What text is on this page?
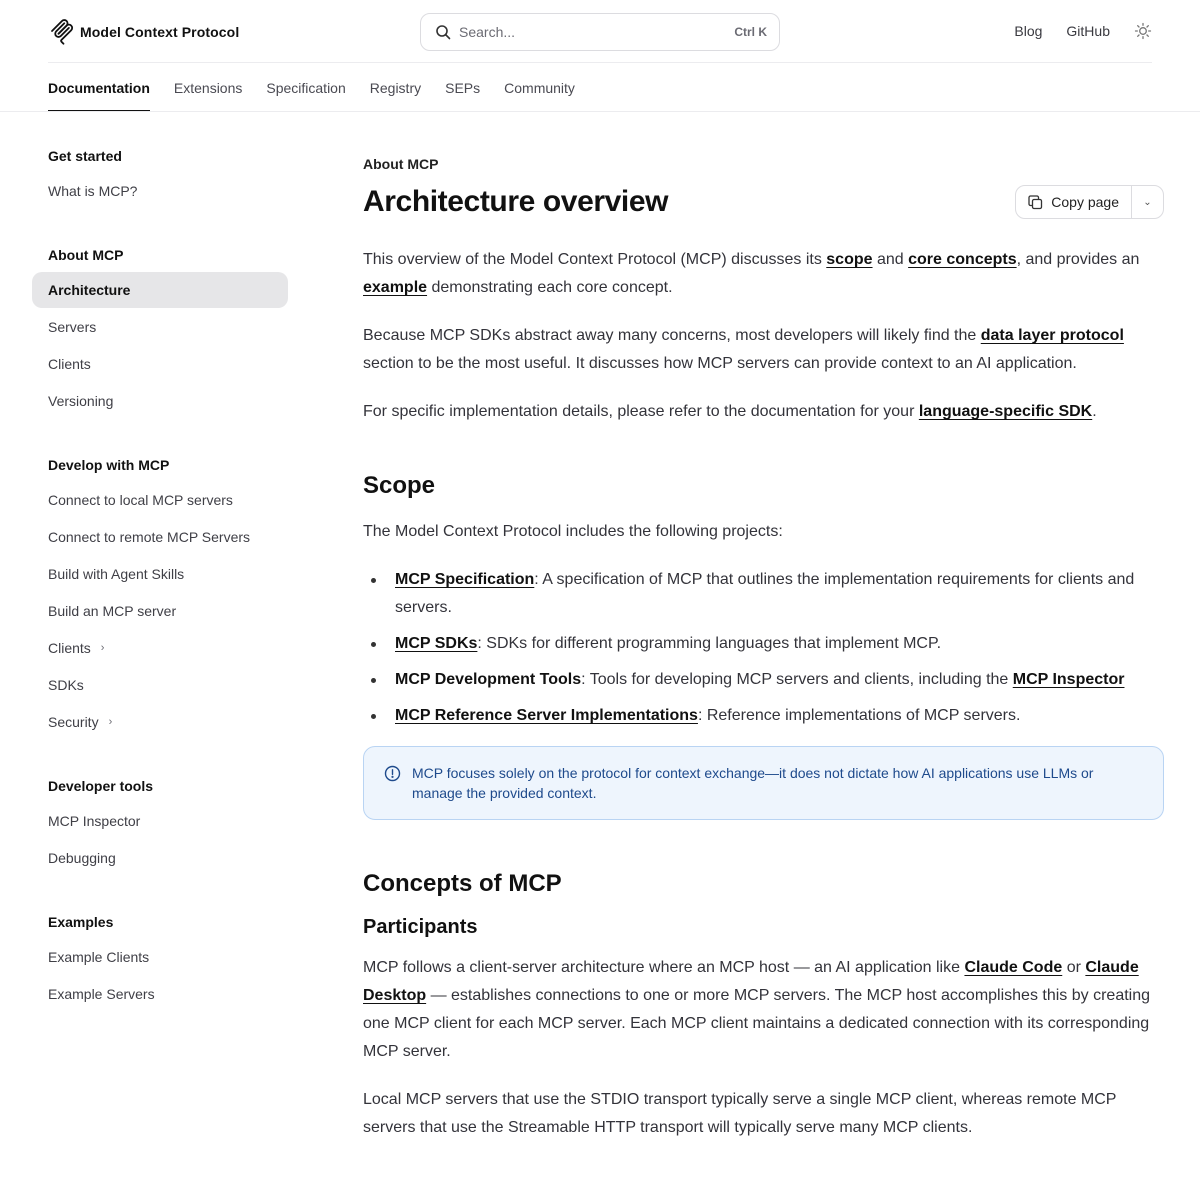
Model Context Protocol	Search...	Ctrl K	Blog GitHub
Documentation Extensions Specification Registry SEPs Community
Get started
What is MCP?
About MCP
Architecture
Servers
Clients
Versioning
Develop with MCP
Connect to local MCP servers
Connect to remote MCP Servers
Build with Agent Skills
Build an MCP server
Clients ›
SDKs
Security ›
Developer tools
MCP Inspector
Debugging
Examples
Example Clients
Example Servers
About MCP
Architecture overview	Copy page	⌄

This overview of the Model Context Protocol (MCP) discusses its scope and core concepts, and provides an example demonstrating each core concept.

Because MCP SDKs abstract away many concerns, most developers will likely find the data layer protocol section to be the most useful. It discusses how MCP servers can provide context to an AI application.

For specific implementation details, please refer to the documentation for your language-specific SDK.

Scope

The Model Context Protocol includes the following projects:

MCP Specification: A specification of MCP that outlines the implementation requirements for clients and servers.
MCP SDKs: SDKs for different programming languages that implement MCP.
MCP Development Tools: Tools for developing MCP servers and clients, including the MCP Inspector
MCP Reference Server Implementations: Reference implementations of MCP servers.
MCP focuses solely on the protocol for context exchange—it does not dictate how AI applications use LLMs or manage the provided context.
Concepts of MCP
Participants

MCP follows a client-server architecture where an MCP host — an AI application like Claude Code or Claude Desktop — establishes connections to one or more MCP servers. The MCP host accomplishes this by creating one MCP client for each MCP server. Each MCP client maintains a dedicated connection with its corresponding MCP server.

Local MCP servers that use the STDIO transport typically serve a single MCP client, whereas remote MCP servers that use the Streamable HTTP transport will typically serve many MCP clients.
